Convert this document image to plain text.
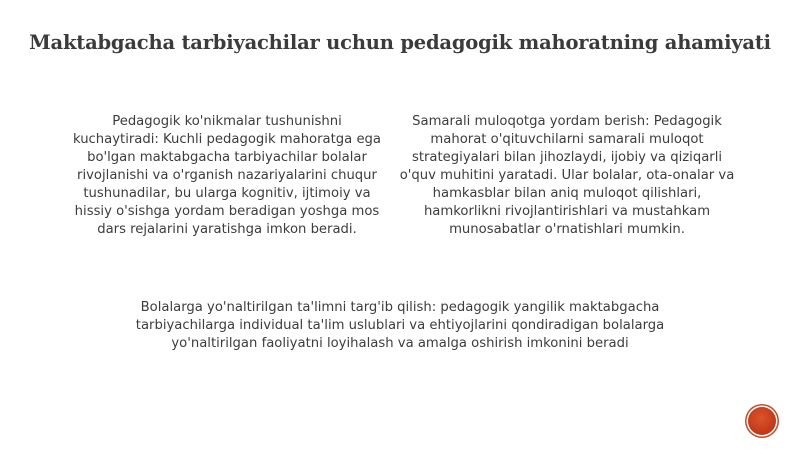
Maktabgacha tarbiyachilar uchun pedagogik mahoratning ahamiyati
Pedagogik ko'nikmalar tushunishni kuchaytiradi: Kuchli pedagogik mahoratga ega bo'lgan maktabgacha tarbiyachilar bolalar rivojlanishi va o'rganish nazariyalarini chuqur tushunadilar, bu ularga kognitiv, ijtimoiy va hissiy o'sishga yordam beradigan yoshga mos dars rejalarini yaratishga imkon beradi.
Samarali muloqotga yordam berish: Pedagogik mahorat o'qituvchilarni samarali muloqot strategiyalari bilan jihozlaydi, ijobiy va qiziqarli o'quv muhitini yaratadi. Ular bolalar, ota-onalar va hamkasblar bilan aniq muloqot qilishlari, hamkorlikni rivojlantirishlari va mustahkam munosabatlar o'rnatishlari mumkin.
Bolalarga yo'naltirilgan ta'limni targ'ib qilish: pedagogik yangilik maktabgacha tarbiyachilarga individual ta'lim uslublari va ehtiyojlarini qondiradigan bolalarga yo'naltirilgan faoliyatni loyihalash va amalga oshirish imkonini beradi
